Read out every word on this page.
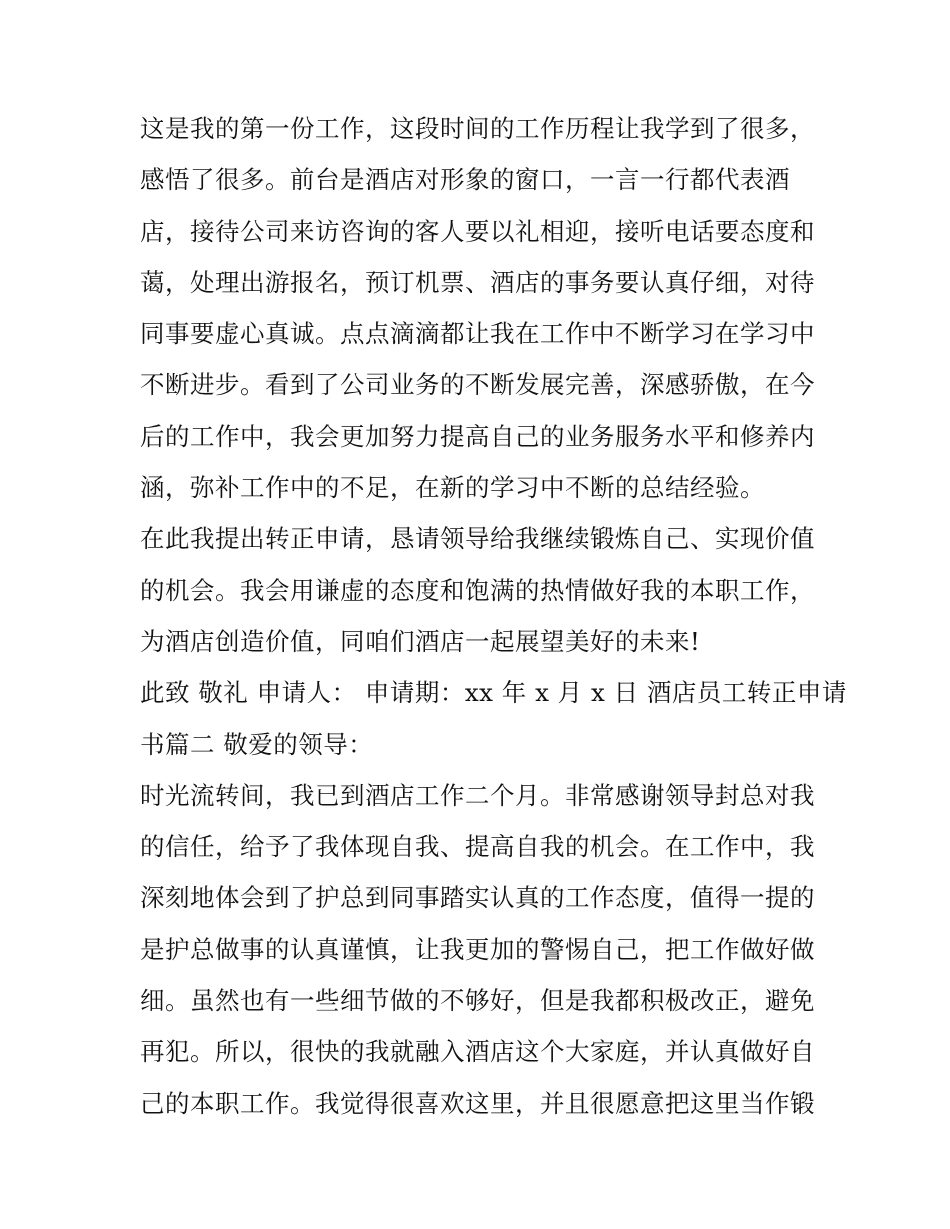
这是我的第一份工作，这段时间的工作历程让我学到了很多，
感悟了很多。前台是酒店对形象的窗口，一言一行都代表酒
店，接待公司来访咨询的客人要以礼相迎，接听电话要态度和
蔼，处理出游报名，预订机票、酒店的事务要认真仔细，对待
同事要虚心真诚。点点滴滴都让我在工作中不断学习在学习中
不断进步。看到了公司业务的不断发展完善，深感骄傲，在今
后的工作中，我会更加努力提高自己的业务服务水平和修养内
涵，弥补工作中的不足，在新的学习中不断的总结经验。
在此我提出转正申请，恳请领导给我继续锻炼自己、实现价值
的机会。我会用谦虚的态度和饱满的热情做好我的本职工作，
为酒店创造价值，同咱们酒店一起展望美好的未来!
此致 敬礼 申请人： 申请期：xx 年 x 月 x 日 酒店员工转正申请
书篇二 敬爱的领导：
时光流转间，我已到酒店工作二个月。非常感谢领导封总对我
的信任，给予了我体现自我、提高自我的机会。在工作中，我
深刻地体会到了护总到同事踏实认真的工作态度，值得一提的
是护总做事的认真谨慎，让我更加的警惕自己，把工作做好做
细。虽然也有一些细节做的不够好，但是我都积极改正，避免
再犯。所以，很快的我就融入酒店这个大家庭，并认真做好自
己的本职工作。我觉得很喜欢这里，并且很愿意把这里当作锻
